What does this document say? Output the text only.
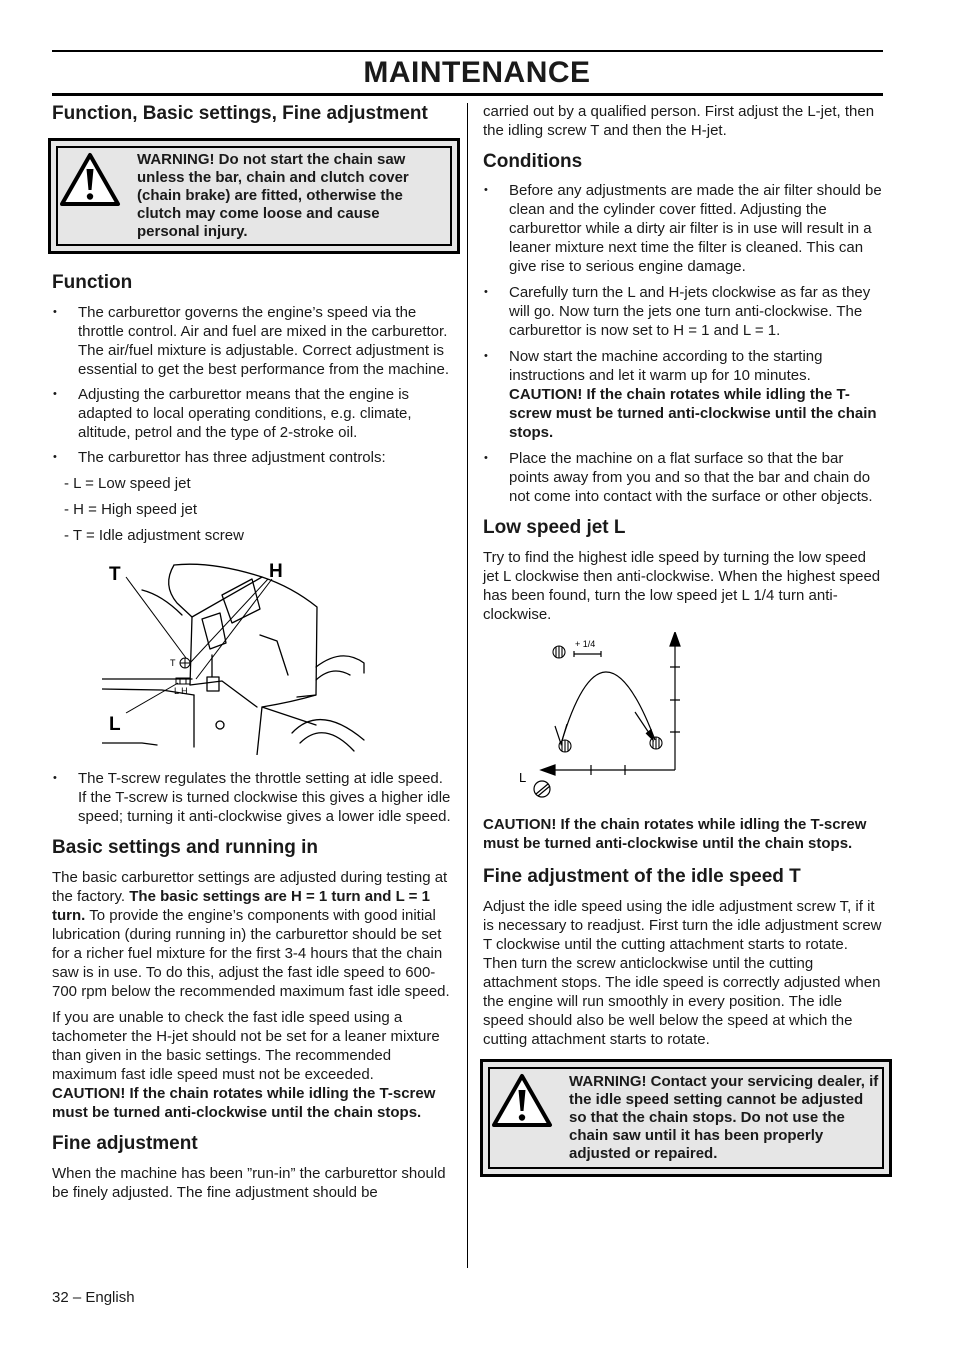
MAINTENANCE
Function, Basic settings, Fine adjustment
WARNING! Do not start the chain saw unless the bar, chain and clutch cover (chain brake) are fitted, otherwise the clutch may come loose and cause personal injury.
Function
• The carburettor governs the engine’s speed via the throttle control. Air and fuel are mixed in the carburettor. The air/fuel mixture is adjustable. Correct adjustment is essential to get the best performance from the machine.
• Adjusting the carburettor means that the engine is adapted to local operating conditions, e.g. climate, altitude, petrol and the type of 2-stroke oil.
• The carburettor has three adjustment controls:
- L = Low speed jet
- H = High speed jet
- T = Idle adjustment screw
T
L H
T	H
L
• The T-screw regulates the throttle setting at idle speed. If the T-screw is turned clockwise this gives a higher idle speed; turning it anti-clockwise gives a lower idle speed.
Basic settings and running in

The basic carburettor settings are adjusted during testing at the factory. The basic settings are H = 1 turn and L = 1 turn. To provide the engine’s components with good initial lubrication (during running in) the carburettor should be set for a richer fuel mixture for the first 3-4 hours that the chain saw is in use. To do this, adjust the fast idle speed to 600-700 rpm below the recommended maximum fast idle speed.

If you are unable to check the fast idle speed using a tachometer the H-jet should not be set for a leaner mixture than given in the basic settings. The recommended maximum fast idle speed must not be exceeded.

CAUTION! If the chain rotates while idling the T-screw must be turned anti-clockwise until the chain stops.

Fine adjustment

When the machine has been ”run-in” the carburettor should be finely adjusted. The fine adjustment should be

carried out by a qualified person. First adjust the L-jet, then the idling screw T and then the H-jet.

Conditions
• Before any adjustments are made the air filter should be clean and the cylinder cover fitted. Adjusting the carburettor while a dirty air filter is in use will result in a leaner mixture next time the filter is cleaned. This can give rise to serious engine damage.
• Carefully turn the L and H-jets clockwise as far as they will go. Now turn the jets one turn anti-clockwise. The carburettor is now set to H = 1 and L = 1.
• Now start the machine according to the starting instructions and let it warm up for 10 minutes.
CAUTION! If the chain rotates while idling the T-screw must be turned anti-clockwise until the chain stops.
• Place the machine on a flat surface so that the bar points away from you and so that the bar and chain do not come into contact with the surface or other objects.
Low speed jet L

Try to find the highest idle speed by turning the low speed jet L clockwise then anti-clockwise. When the highest speed has been found, turn the low speed jet L 1/4 turn anti-clockwise.

+ 1/4
L

CAUTION! If the chain rotates while idling the T-screw must be turned anti-clockwise until the chain stops.

Fine adjustment of the idle speed T

Adjust the idle speed using the idle adjustment screw T, if it is necessary to readjust. First turn the idle adjustment screw T clockwise until the cutting attachment starts to rotate. Then turn the screw anticlockwise until the cutting attachment stops. The idle speed is correctly adjusted when the engine will run smoothly in every position. The idle speed should also be well below the speed at which the cutting attachment starts to rotate.

WARNING! Contact your servicing dealer, if the idle speed setting cannot be adjusted so that the chain stops. Do not use the chain saw until it has been properly adjusted or repaired.
32 – English
